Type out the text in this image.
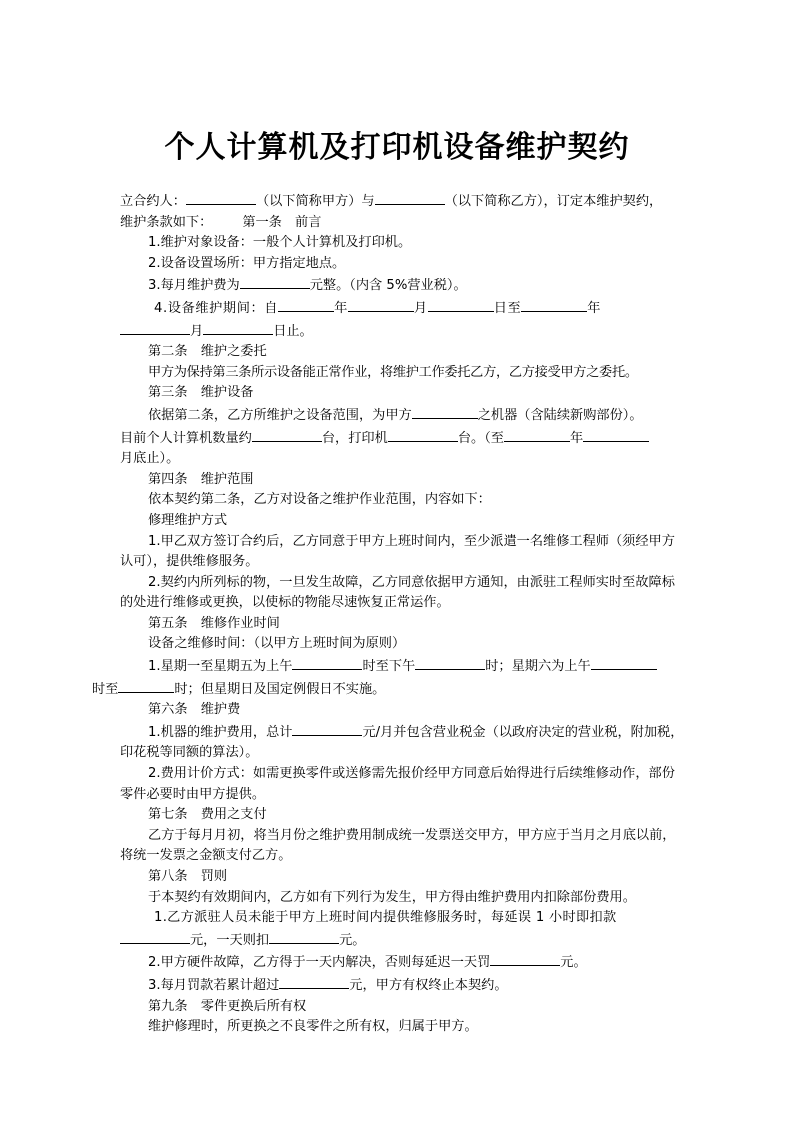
个人计算机及打印机设备维护契约

立合约人：	（以下简称甲方）与	（以下简称乙方），订定本维护契约，
维护条款如下： 第一条　前言

1.维护对象设备：一般个人计算机及打印机。

2.设备设置场所：甲方指定地点。

3.每月维护费为	元整。（内含 5%营业税）。

4.设备维护期间：自	年	月	日至	年

月	日止。

第二条　维护之委托

甲方为保持第三条所示设备能正常作业，将维护工作委托乙方，乙方接受甲方之委托。

第三条　维护设备

依据第二条，乙方所维护之设备范围，为甲方	之机器（含陆续新购部份）。

目前个人计算机数量约	台，打印机	台。（至	年
月底止）。

第四条　维护范围

依本契约第二条，乙方对设备之维护作业范围，内容如下：

修理维护方式

1.甲乙双方签订合约后，乙方同意于甲方上班时间内，至少派遣一名维修工程师（须经甲方认可），提供维修服务。

2.契约内所列标的物，一旦发生故障，乙方同意依据甲方通知，由派驻工程师实时至故障标的处进行维修或更换，以使标的物能尽速恢复正常运作。

第五条　维修作业时间

设备之维修时间：（以甲方上班时间为原则）

1.星期一至星期五为上午	时至下午	时；星期六为上午
时至	时；但星期日及国定例假日不实施。

第六条　维护费

1.机器的维护费用，总计	元/月并包含营业税金（以政府决定的营业税，附加税，印花税等同额的算法）。

2.费用计价方式：如需更换零件或送修需先报价经甲方同意后始得进行后续维修动作，部份零件必要时由甲方提供。

第七条　费用之支付

乙方于每月月初，将当月份之维护费用制成统一发票送交甲方，甲方应于当月之月底以前，将统一发票之金额支付乙方。

第八条　罚则

于本契约有效期间内，乙方如有下列行为发生，甲方得由维护费用内扣除部份费用。

1.乙方派驻人员未能于甲方上班时间内提供维修服务时，每延误 1 小时即扣款

元，一天则扣	元。

2.甲方硬件故障，乙方得于一天内解决，否则每延迟一天罚	元。

3.每月罚款若累计超过	元，甲方有权终止本契约。

第九条　零件更换后所有权

维护修理时，所更换之不良零件之所有权，归属于甲方。
